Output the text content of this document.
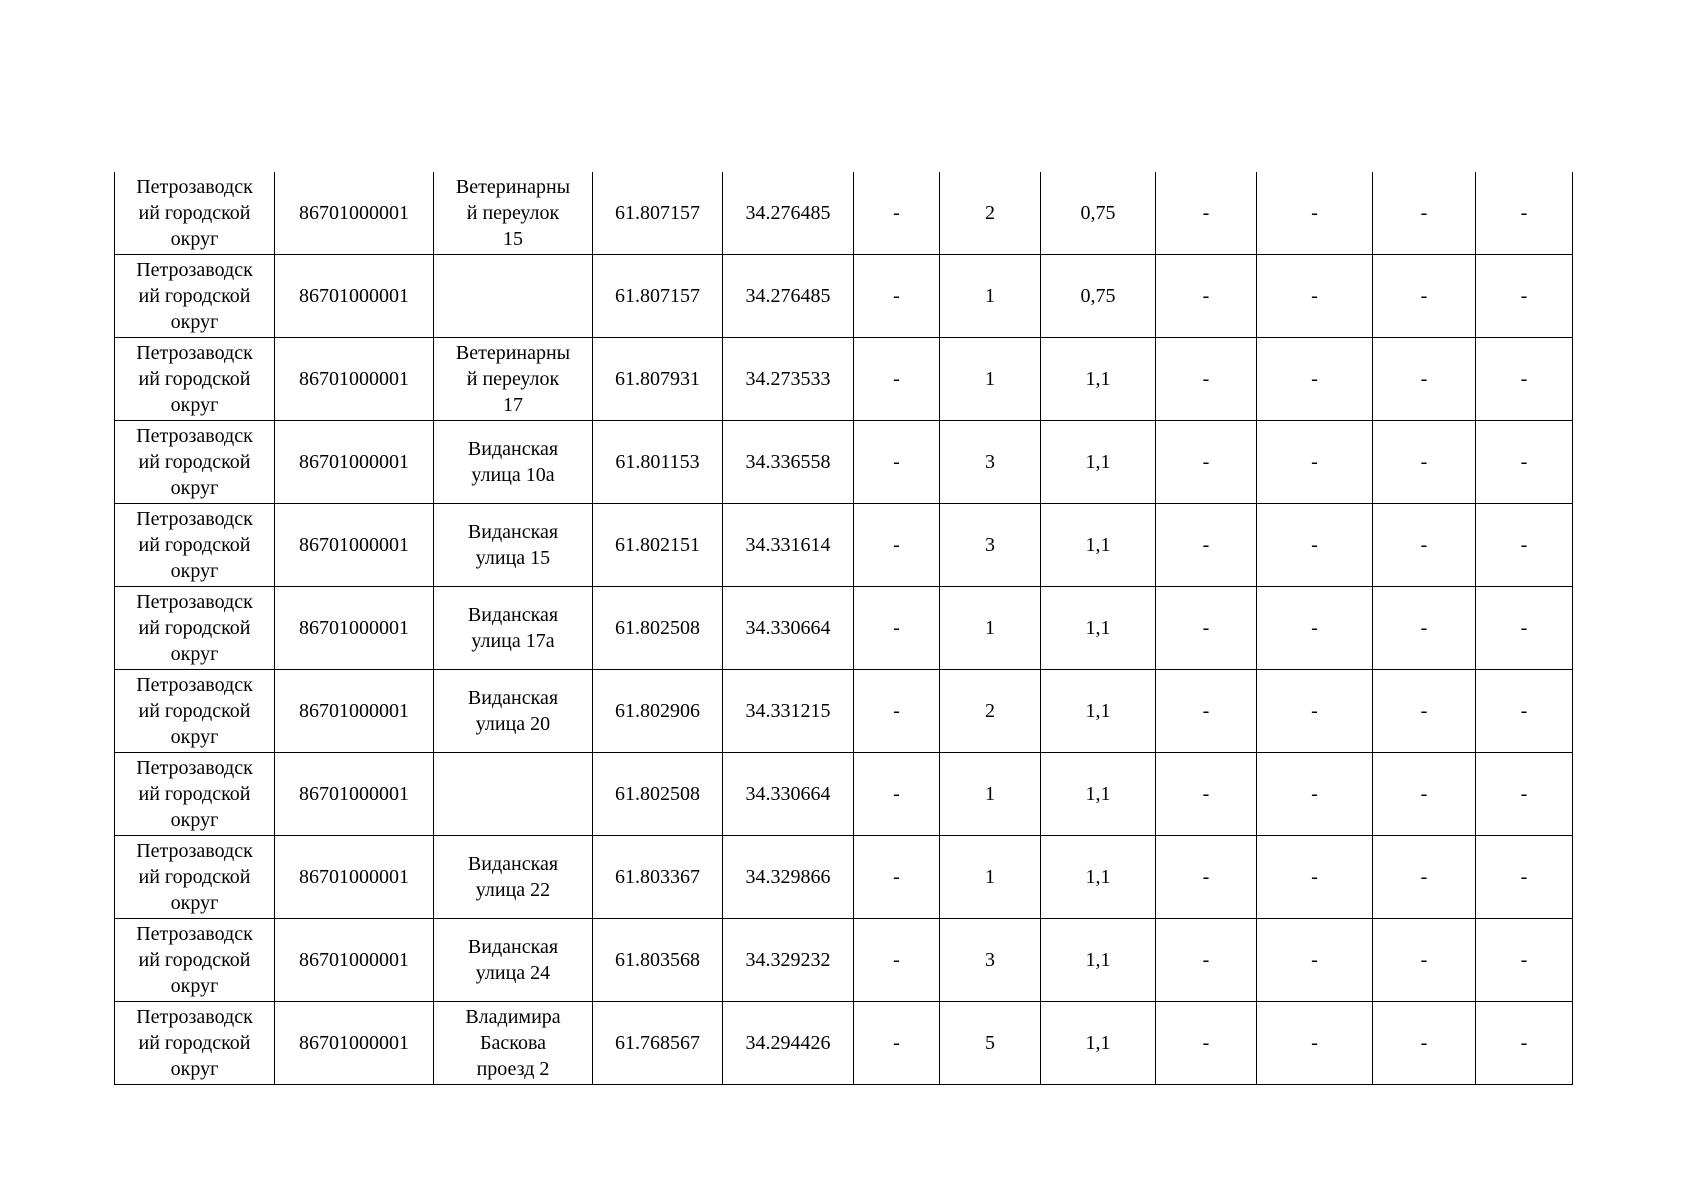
Петрозаводск
ий городской
округ	86701000001	Ветеринарны
й переулок
15	61.807157	34.276485	-	2	0,75	-	-	-	-
Петрозаводск
ий городской
округ	86701000001		61.807157	34.276485	-	1	0,75	-	-	-	-
Петрозаводск
ий городской
округ	86701000001	Ветеринарны
й переулок
17	61.807931	34.273533	-	1	1,1	-	-	-	-
Петрозаводск
ий городской
округ	86701000001	Виданская
улица 10а	61.801153	34.336558	-	3	1,1	-	-	-	-
Петрозаводск
ий городской
округ	86701000001	Виданская
улица 15	61.802151	34.331614	-	3	1,1	-	-	-	-
Петрозаводск
ий городской
округ	86701000001	Виданская
улица 17а	61.802508	34.330664	-	1	1,1	-	-	-	-
Петрозаводск
ий городской
округ	86701000001	Виданская
улица 20	61.802906	34.331215	-	2	1,1	-	-	-	-
Петрозаводск
ий городской
округ	86701000001		61.802508	34.330664	-	1	1,1	-	-	-	-
Петрозаводск
ий городской
округ	86701000001	Виданская
улица 22	61.803367	34.329866	-	1	1,1	-	-	-	-
Петрозаводск
ий городской
округ	86701000001	Виданская
улица 24	61.803568	34.329232	-	3	1,1	-	-	-	-
Петрозаводск
ий городской
округ	86701000001	Владимира
Баскова
проезд 2	61.768567	34.294426	-	5	1,1	-	-	-	-
